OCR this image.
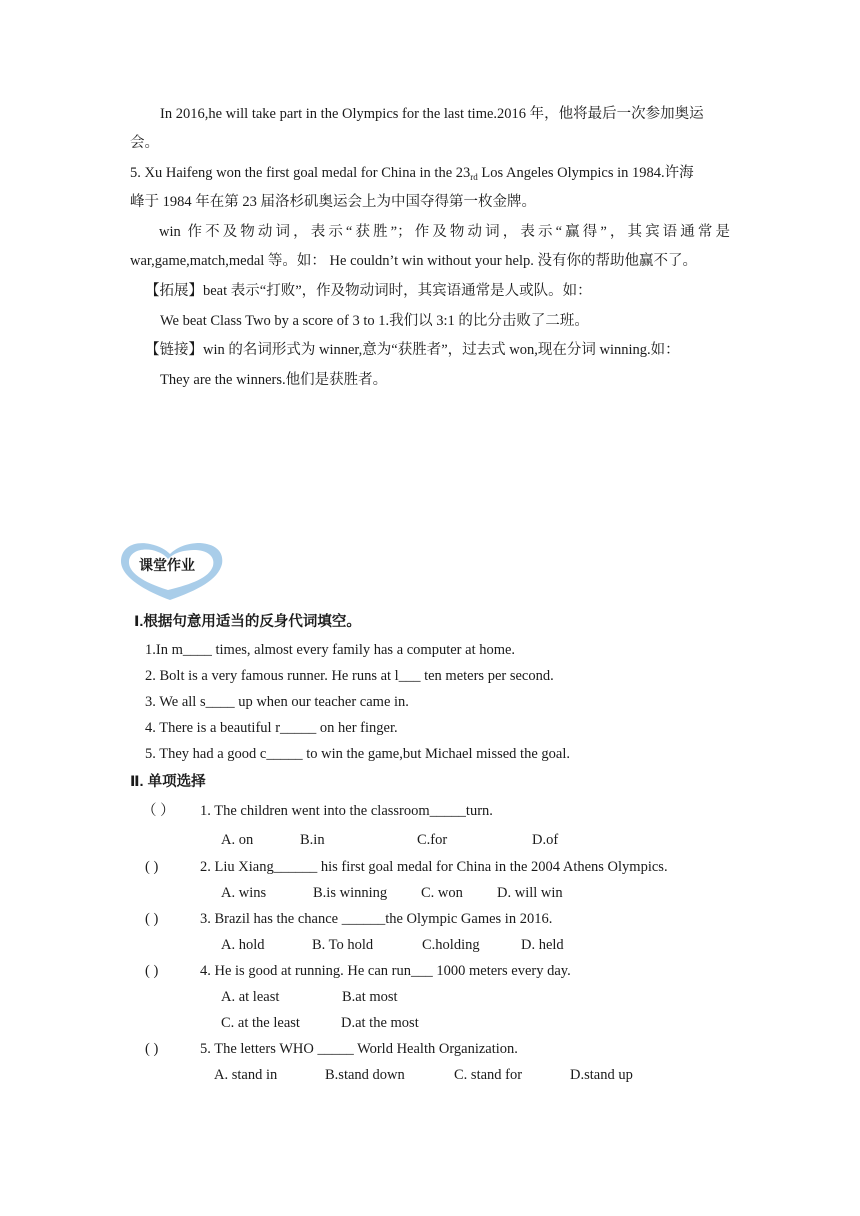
In 2016,he will take part in the Olympics for the last time.2016 年，他将最后一次参加奥运
会。
5. Xu Haifeng won the first goal medal for China in the $23_{rd}$ Los Angeles Olympics in 1984.许海
峰于 1984 年在第 23 届洛杉矶奥运会上为中国夺得第一枚金牌。
win 作不及物动词，表示“获胜”；作及物动词，表示“赢得”，其宾语通常是
war,game,match,medal 等。如： He couldn’t win without your help. 没有你的帮助他赢不了。
【拓展】beat 表示“打败”，作及物动词时，其宾语通常是人或队。如：
We beat Class Two by a score of 3 to 1.我们以 3:1 的比分击败了二班。
【链接】win 的名词形式为 winner,意为“获胜者”，过去式 won,现在分词 winning.如：
They are the winners.他们是获胜者。
课堂作业
Ⅰ.根据句意用适当的反身代词填空。
1.In m____ times, almost every family has a computer at home.
2. Bolt is a very famous runner. He runs at l___ ten meters per second.
3. We all s____ up when our teacher came in.
4. There is a beautiful r_____ on her finger.
5. They had a good c_____ to win the game,but Michael missed the goal.
Ⅱ. 单项选择
（ ） 1. The children went into the classroom_____turn.
A. on	B.in	C.for	D.of
( )	2. Liu Xiang______ his first goal medal for China in the 2004 Athens Olympics.
A. wins	B.is winning C. won D. will win
( )	3. Brazil has the chance ______the Olympic Games in 2016.
A. hold	B. To hold	C.holding	D. held
( )	4. He is good at running. He can run___ 1000 meters every day.
A. at least	B.at most
C. at the least	D.at the most
( )	5. The letters WHO _____ World Health Organization.
A. stand in	B.stand down	C. stand for	D.stand up
